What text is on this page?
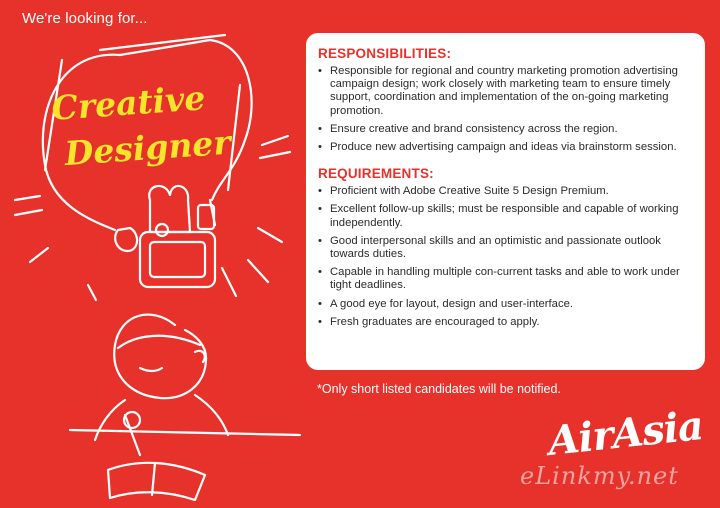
We're looking for...
Creative
Designer
RESPONSIBILITIES:
• Responsible for regional and country marketing promotion advertising campaign design; work closely with marketing team to ensure timely support, coordination and implementation of the on-going marketing promotion.
• Ensure creative and brand consistency across the region.
• Produce new advertising campaign and ideas via brainstorm session.
REQUIREMENTS:
• Proficient with Adobe Creative Suite 5 Design Premium.
• Excellent follow-up skills; must be responsible and capable of working independently.
• Good interpersonal skills and an optimistic and passionate outlook towards duties.
• Capable in handling multiple con-current tasks and able to work under tight deadlines.
• A good eye for layout, design and user-interface.
• Fresh graduates are encouraged to apply.
*Only short listed candidates will be notified.
AirAsia
eLinkmy.net
